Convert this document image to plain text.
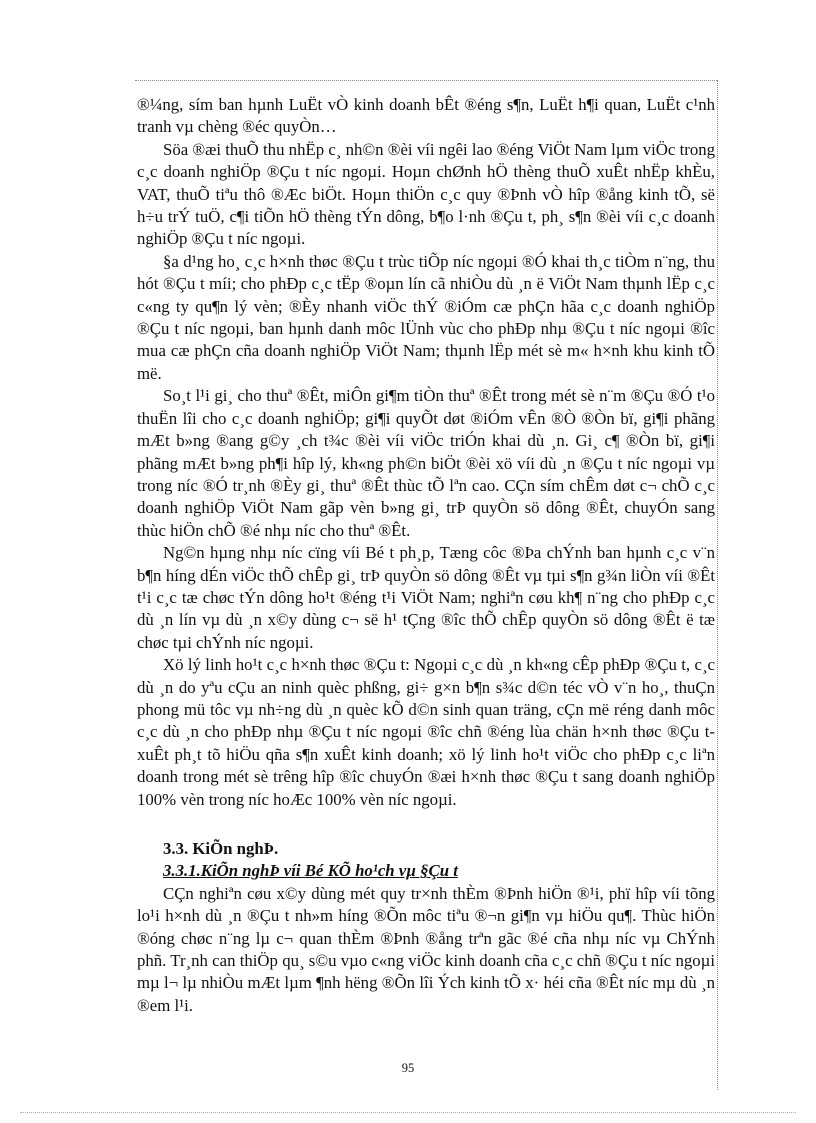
®¼ng, sím ban hµnh LuËt vÒ kinh doanh bÊt ®éng s¶n, LuËt h¶i quan, LuËt c¹nh tranh vµ chèng ®éc quyÒn…

Söa ®æi thuÕ thu nhËp c¸ nh©n ®èi víi ngêi lao ®éng ViÖt Nam lµm viÖc trong c¸c doanh nghiÖp ®Çu t níc ngoµi. Hoµn chØnh hÖ thèng thuÕ xuÊt nhËp khÈu, VAT, thuÕ tiªu thô ®Æc biÖt. Hoµn thiÖn c¸c quy ®Þnh vÒ hîp ®ång kinh tÕ, së h÷u trÝ tuÖ, c¶i tiÕn hÖ thèng tÝn dông, b¶o l·nh ®Çu t, ph¸ s¶n ®èi víi c¸c doanh nghiÖp ®Çu t níc ngoµi.

§a d¹ng ho¸ c¸c h×nh thøc ®Çu t trùc tiÕp níc ngoµi ®Ó khai th¸c tiÒm n¨ng, thu hót ®Çu t míi; cho phÐp c¸c tËp ®oµn lín cã nhiÒu dù ¸n ë ViÖt Nam thµnh lËp c¸c c«ng ty qu¶n lý vèn; ®Èy nhanh viÖc thÝ ®iÓm cæ phÇn hãa c¸c doanh nghiÖp ®Çu t níc ngoµi, ban hµnh danh môc lÜnh vùc cho phÐp nhµ ®Çu t níc ngoµi ®îc mua cæ phÇn cña doanh nghiÖp ViÖt Nam; thµnh lËp mét sè m« h×nh khu kinh tÕ më.

So¸t l¹i gi¸ cho thuª ®Êt, miÔn gi¶m tiÒn thuª ®Êt trong mét sè n¨m ®Çu ®Ó t¹o thuËn lîi cho c¸c doanh nghiÖp; gi¶i quyÕt døt ®iÓm vÊn ®Ò ®Òn bï, gi¶i phãng mÆt b»ng ®ang g©y ¸ch t¾c ®èi víi viÖc triÓn khai dù ¸n. Gi¸ c¶ ®Òn bï, gi¶i phãng mÆt b»ng ph¶i hîp lý, kh«ng ph©n biÖt ®èi xö víi dù ¸n ®Çu t níc ngoµi vµ trong níc ®Ó tr¸nh ®Èy gi¸ thuª ®Êt thùc tÕ lªn cao. CÇn sím chÊm døt c¬ chÕ c¸c doanh nghiÖp ViÖt Nam gãp vèn b»ng gi¸ trÞ quyÒn sö dông ®Êt, chuyÓn sang thùc hiÖn chÕ ®é nhµ níc cho thuª ®Êt.

Ng©n hµng nhµ níc cïng víi Bé t ph¸p, Tæng côc ®Þa chÝnh ban hµnh c¸c v¨n b¶n híng dÉn viÖc thÕ chÊp gi¸ trÞ quyÒn sö dông ®Êt vµ tµi s¶n g¾n liÒn víi ®Êt t¹i c¸c tæ chøc tÝn dông ho¹t ®éng t¹i ViÖt Nam; nghiªn cøu kh¶ n¨ng cho phÐp c¸c dù ¸n lín vµ dù ¸n x©y dùng c¬ së h¹ tÇng ®îc thÕ chÊp quyÒn sö dông ®Êt ë tæ chøc tµi chÝnh níc ngoµi.

Xö lý linh ho¹t c¸c h×nh thøc ®Çu t: Ngoµi c¸c dù ¸n kh«ng cÊp phÐp ®Çu t, c¸c dù ¸n do yªu cÇu an ninh quèc phßng, gi÷ g×n b¶n s¾c d©n téc vÒ v¨n ho¸, thuÇn phong mü tôc vµ nh÷ng dù ¸n quèc kÕ d©n sinh quan träng, cÇn më réng danh môc c¸c dù ¸n cho phÐp nhµ ®Çu t níc ngoµi ®îc chñ ®éng lùa chän h×nh thøc ®Çu t xuÊt ph¸t tõ hiÖu qña s¶n xuÊt kinh doanh; xö lý linh ho¹t viÖc cho phÐp c¸c liªn doanh trong mét sè trêng hîp ®îc chuyÓn ®æi h×nh thøc ®Çu t sang doanh nghiÖp 100% vèn trong níc hoÆc 100% vèn níc ngoµi.

3.3. KiÕn nghÞ.

3.3.1.KiÕn nghÞ víi Bé KÕ ho¹ch vµ §Çu t

CÇn nghiªn cøu x©y dùng mét quy tr×nh thÈm ®Þnh hiÖn ®¹i, phï hîp víi tõng lo¹i h×nh dù ¸n ®Çu t nh»m híng ®Õn môc tiªu ®¬n gi¶n vµ hiÖu qu¶. Thùc hiÖn ®óng chøc n¨ng lµ c¬ quan thÈm ®Þnh ®ång trªn gãc ®é cña nhµ níc vµ ChÝnh phñ. Tr¸nh can thiÖp qu¸ s©u vµo c«ng viÖc kinh doanh cña c¸c chñ ®Çu t níc ngoµi mµ l¬ lµ nhiÒu mÆt lµm ¶nh hëng ®Õn lîi Ých kinh tÕ x· héi cña ®Êt níc mµ dù ¸n ®em l¹i.

95
